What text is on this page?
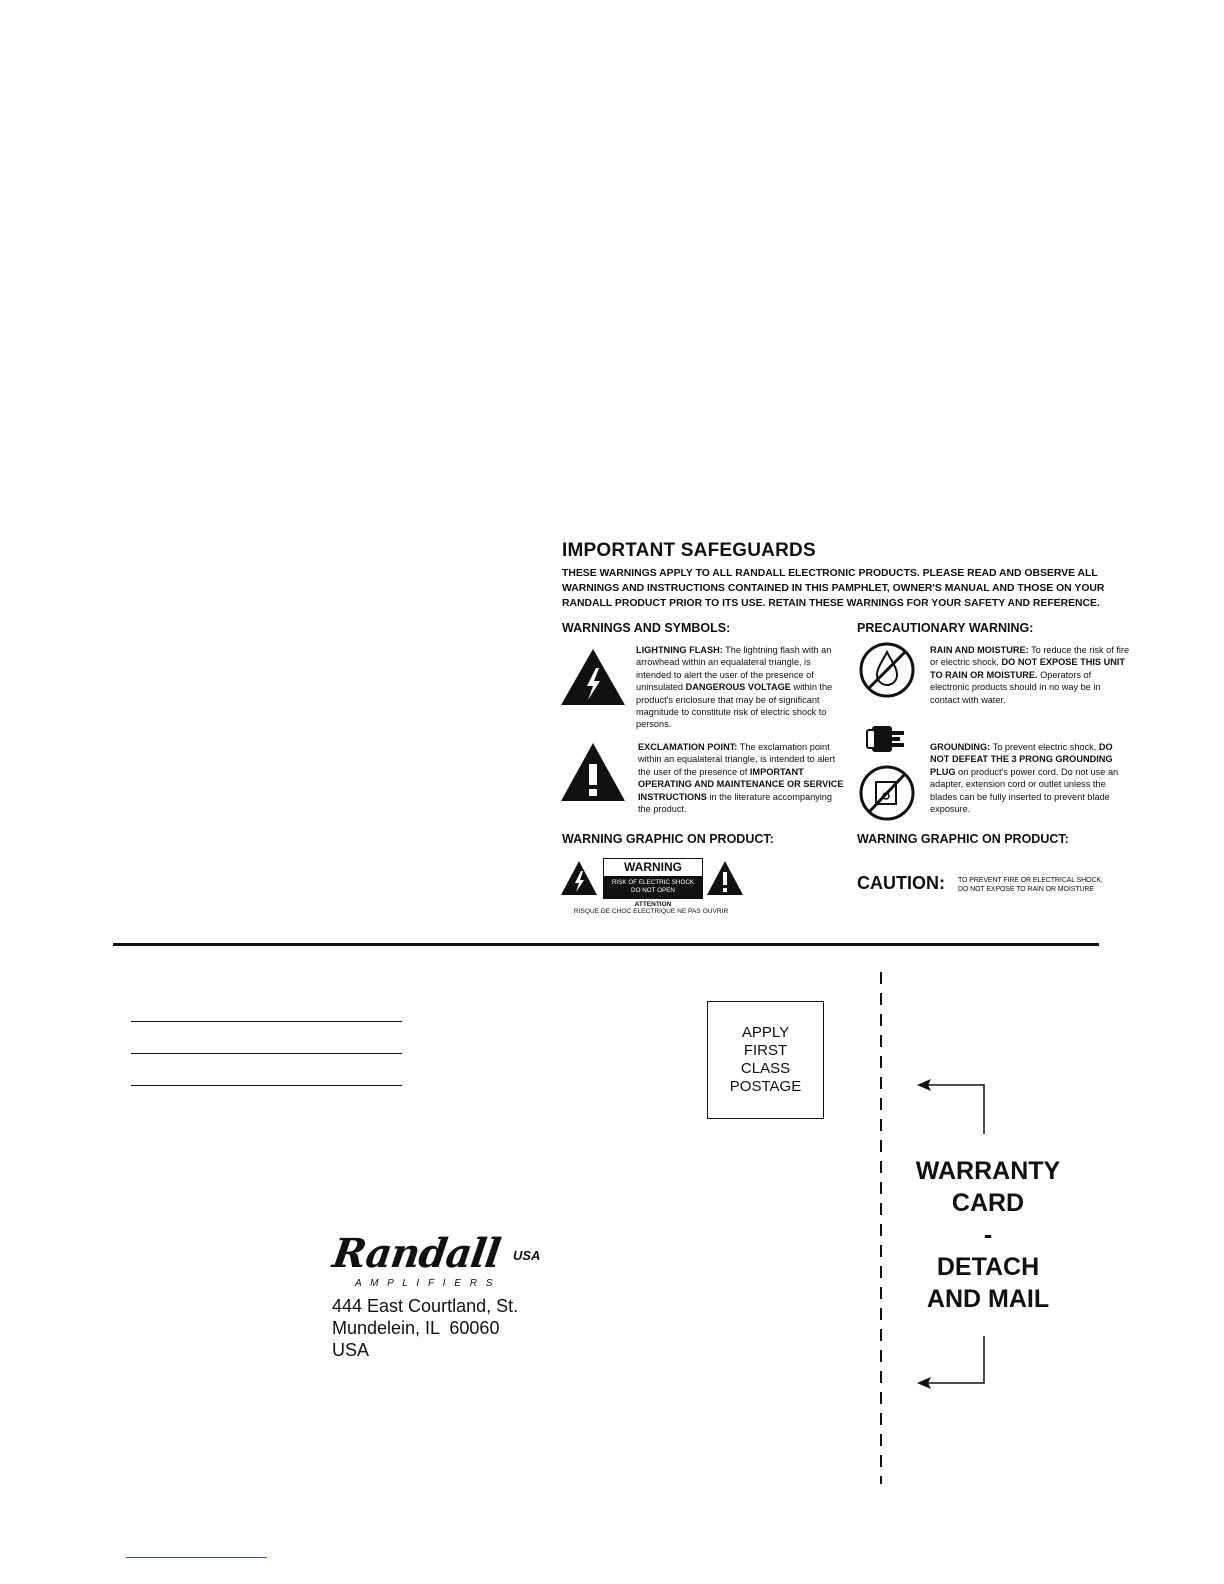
IMPORTANT SAFEGUARDS
THESE WARNINGS APPLY TO ALL RANDALL ELECTRONIC PRODUCTS. PLEASE READ AND OBSERVE ALL WARNINGS AND INSTRUCTIONS CONTAINED IN THIS PAMPHLET, OWNER'S MANUAL AND THOSE ON YOUR RANDALL PRODUCT PRIOR TO ITS USE. RETAIN THESE WARNINGS FOR YOUR SAFETY AND REFERENCE.
WARNINGS AND SYMBOLS:	PRECAUTIONARY WARNING:
LIGHTNING FLASH: The lightning flash with an arrowhead within an equalateral triangle, is intended to alert the user of the presence of uninsulated DANGEROUS VOLTAGE within the product's enclosure that may be of significant magnitude to constitute risk of electric shock to persons.
EXCLAMATION POINT: The exclamation point within an equalateral triangle, is intended to alert the user of the presence of IMPORTANT OPERATING AND MAINTENANCE OR SERVICE INSTRUCTIONS in the literature accompanying the product.
RAIN AND MOISTURE: To reduce the risk of fire or electric shock, DO NOT EXPOSE THIS UNIT TO RAIN OR MOISTURE. Operators of electronic products should in no way be in contact with water.
GROUNDING: To prevent electric shock, DO NOT DEFEAT THE 3 PRONG GROUNDING PLUG on product's power cord. Do not use an adapter, extension cord or outlet unless the blades can be fully inserted to prevent blade exposure.
WARNING GRAPHIC ON PRODUCT:	WARNING GRAPHIC ON PRODUCT:
WARNING
RISK OF ELECTRIC SHOCK
DO NOT OPEN
ATTENTION
RISQUE DE CHOC ELECTRIQUE NE PAS OUVRIR
CAUTION: TO PREVENT FIRE OR ELECTRICAL SHOCK,
DO NOT EXPOSE TO RAIN OR MOISTURE
APPLY
FIRST
CLASS
POSTAGE
WARRANTY
CARD
-
DETACH
AND MAIL
Randall USA
A M P L I F I E R S
444 East Courtland, St.
Mundelein, IL  60060
USA
